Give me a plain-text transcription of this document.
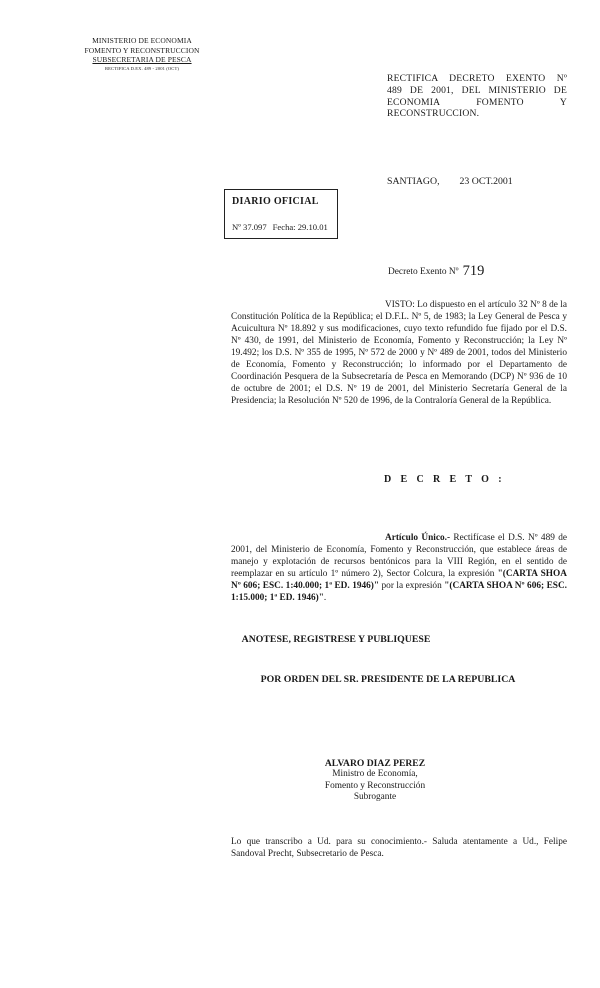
MINISTERIO DE ECONOMIA
FOMENTO Y RECONSTRUCCION
SUBSECRETARIA DE PESCA
RECTIFICA D.EX. 489 - 2001 (OCT)
RECTIFICA DECRETO EXENTO Nº
489 DE 2001, DEL MINISTERIO DE
ECONOMIA FOMENTO Y
RECONSTRUCCION.
SANTIAGO, 23 OCT.2001
DIARIO OFICIAL
Nº 37.097 Fecha: 29.10.01
Decreto Exento Nº 719
VISTO: Lo dispuesto en el artículo 32 Nº 8 de la Constitución Política de la República; el D.F.L. Nº 5, de 1983; la Ley General de Pesca y Acuicultura Nº 18.892 y sus modificaciones, cuyo texto refundido fue fijado por el D.S. Nº 430, de 1991, del Ministerio de Economía, Fomento y Reconstrucción; la Ley Nº 19.492; los D.S. Nº 355 de 1995, Nº 572 de 2000 y Nº 489 de 2001, todos del Ministerio de Economía, Fomento y Reconstrucción; lo informado por el Departamento de Coordinación Pesquera de la Subsecretaría de Pesca en Memorando (DCP) Nº 936 de 10 de octubre de 2001; el D.S. Nº 19 de 2001, del Ministerio Secretaría General de la Presidencia; la Resolución Nº 520 de 1996, de la Contraloría General de la República.
D E C R E T O :
Artículo Único.- Rectifícase el D.S. Nº 489 de 2001, del Ministerio de Economía, Fomento y Reconstrucción, que establece áreas de manejo y explotación de recursos bentónicos para la VIII Región, en el sentido de reemplazar en su artículo 1º número 2), Sector Colcura, la expresión "(CARTA SHOA Nº 606; ESC. 1:40.000; 1ª ED. 1946)" por la expresión "(CARTA SHOA Nº 606; ESC. 1:15.000; 1ª ED. 1946)".
ANOTESE, REGISTRESE Y PUBLIQUESE
POR ORDEN DEL SR. PRESIDENTE DE LA REPUBLICA
ALVARO DIAZ PEREZ
Ministro de Economía,
Fomento y Reconstrucción
Subrogante
Lo que transcribo a Ud. para su conocimiento.- Saluda atentamente a Ud., Felipe Sandoval Precht, Subsecretario de Pesca.
